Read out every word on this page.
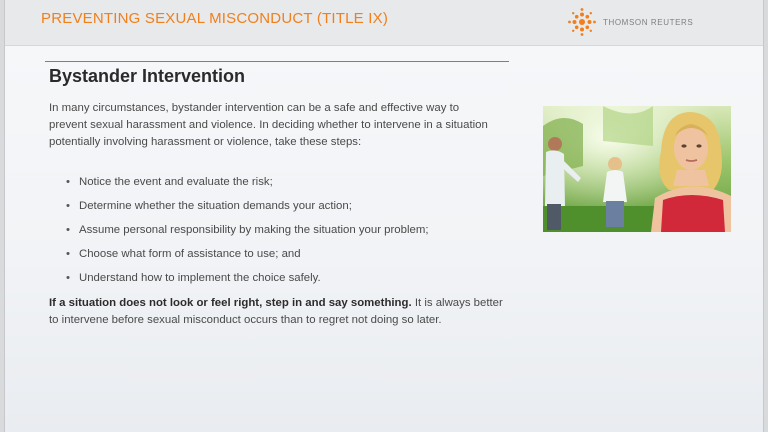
PREVENTING SEXUAL MISCONDUCT (TITLE IX)	THOMSON REUTERS
Bystander Intervention
In many circumstances, bystander intervention can be a safe and effective way to prevent sexual harassment and violence. In deciding whether to intervene in a situation potentially involving harassment or violence, take these steps:
• Notice the event and evaluate the risk;
• Determine whether the situation demands your action;
• Assume personal responsibility by making the situation your problem;
• Choose what form of assistance to use; and
• Understand how to implement the choice safely.
If a situation does not look or feel right, step in and say something. It is always better to intervene before sexual misconduct occurs than to regret not doing so later.
